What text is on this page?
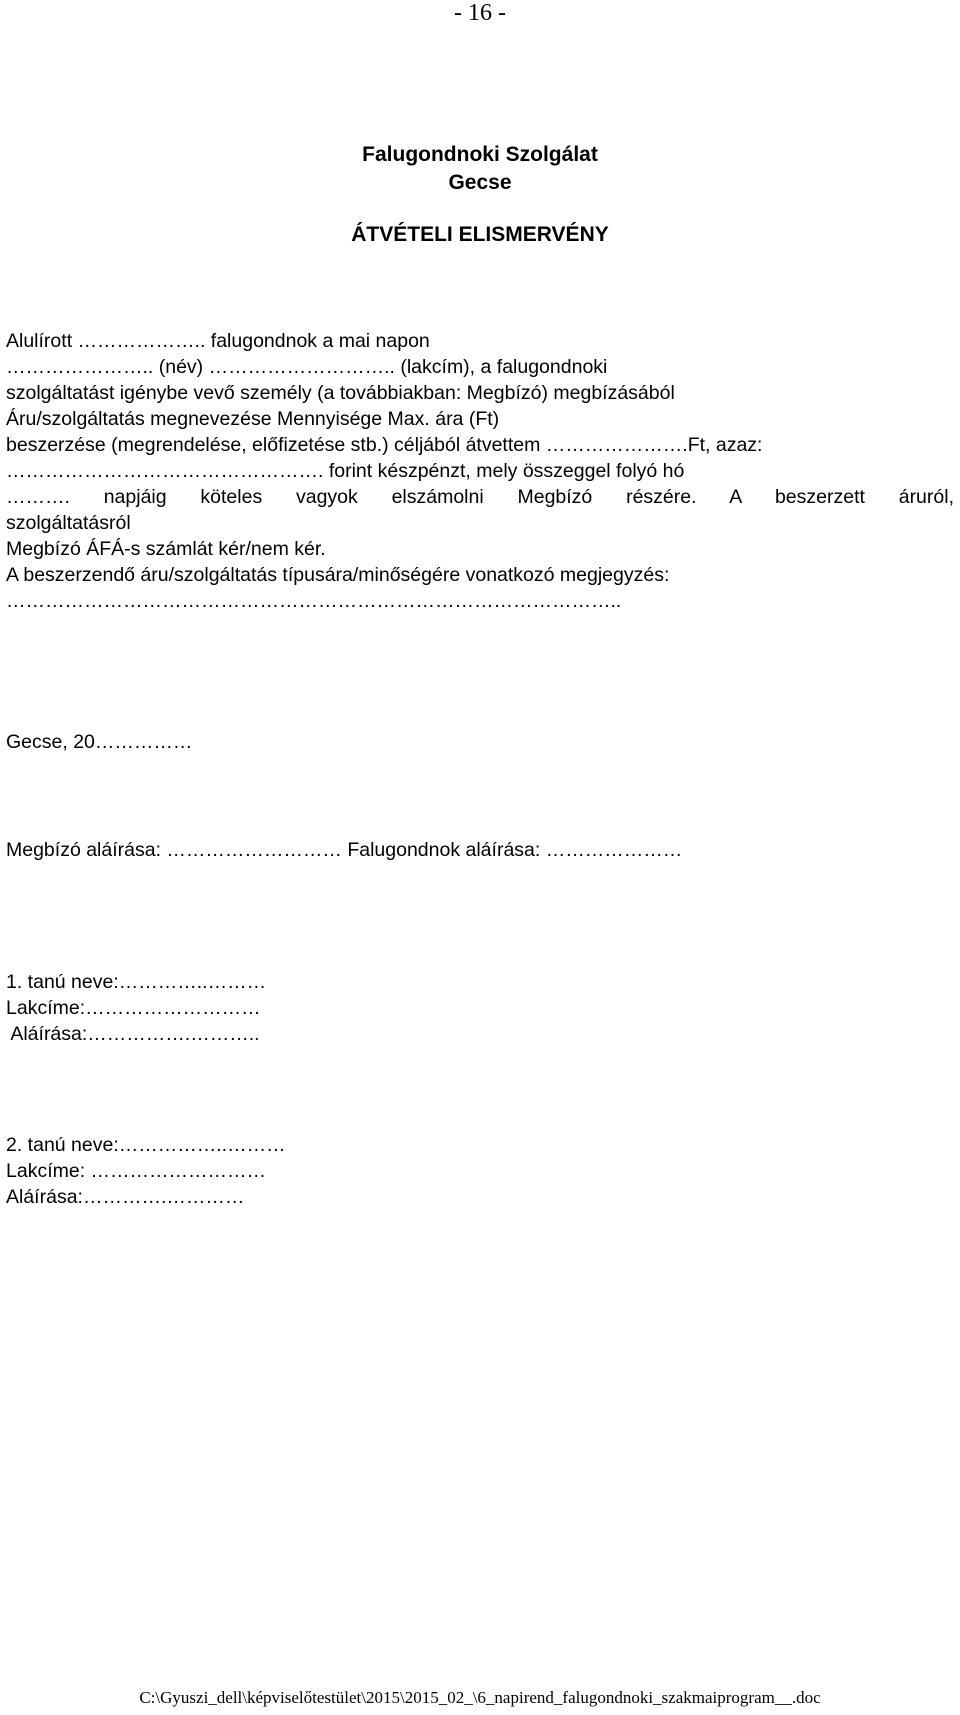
- 16 -
Falugondnoki Szolgálat
Gecse
ÁTVÉTELI ELISMERVÉNY
Alulírott ……………….. falugondnok a mai napon
………………….. (név) ……………………….. (lakcím), a falugondnoki
szolgáltatást igénybe vevő személy (a továbbiakban: Megbízó) megbízásából
Áru/szolgáltatás megnevezése Mennyisége Max. ára (Ft)
beszerzése (megrendelése, előfizetése stb.) céljából átvettem ………………….Ft, azaz:
…………………………………………. forint készpénzt, mely összeggel folyó hó
………. napjáig köteles vagyok elszámolni Megbízó részére. A beszerzett áruról,
szolgáltatásról
Megbízó ÁFÁ-s számlát kér/nem kér.
A beszerzendő áru/szolgáltatás típusára/minőségére vonatkozó megjegyzés:
…………………………………………………………………………………..
Gecse, 20……………
Megbízó aláírása: ……………………… Falugondnok aláírása: …………………
1. tanú neve:…………..………
Lakcíme:………………………
Aláírása:…………….………..
2. tanú neve:……………..………
Lakcíme: ………………………
Aláírása:………….…………
C:\Gyuszi_dell\képviselőtestület\2015\2015_02_\6_napirend_falugondnoki_szakmaiprogram__.doc
